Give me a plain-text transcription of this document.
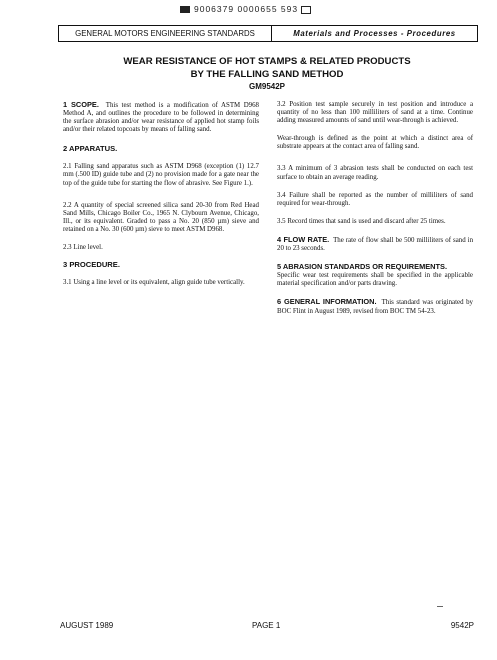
9006379 0000655 593
GENERAL MOTORS ENGINEERING STANDARDS	Materials and Processes - Procedures
WEAR RESISTANCE OF HOT STAMPS & RELATED PRODUCTS
BY THE FALLING SAND METHOD
GM9542P

1 SCOPE. This test method is a modification of ASTM D968 Method A, and outlines the procedure to be followed in determining the surface abrasion and/or wear resistance of applied hot stamp foils and/or their related topcoats by means of falling sand.

2 APPARATUS.

2.1 Falling sand apparatus such as ASTM D968 (exception (1) 12.7 mm (.500 ID) guide tube and (2) no provision made for a gate near the top of the guide tube for starting the flow of abrasive. See Figure 1.).

2.2 A quantity of special screened silica sand 20-30 from Red Head Sand Mills, Chicago Boiler Co., 1965 N. Clybourn Avenue, Chicago, Ill., or its equivalent. Graded to pass a No. 20 (850 µm) sieve and retained on a No. 30 (600 µm) sieve to meet ASTM D968.

2.3 Line level.

3 PROCEDURE.

3.1 Using a line level or its equivalent, align guide tube vertically.

3.2 Position test sample securely in test position and introduce a quantity of no less than 100 milliliters of sand at a time. Continue adding measured amounts of sand until wear-through is achieved.

Wear-through is defined as the point at which a distinct area of substrate appears at the contact area of falling sand.

3.3 A minimum of 3 abrasion tests shall be conducted on each test surface to obtain an average reading.

3.4 Failure shall be reported as the number of milliliters of sand required for wear-through.

3.5 Record times that sand is used and discard after 25 times.

4 FLOW RATE. The rate of flow shall be 500 milliliters of sand in 20 to 23 seconds.

5 ABRASION STANDARDS OR REQUIREMENTS.
Specific wear test requirements shall be specified in the applicable material specification and/or parts drawing.

6 GENERAL INFORMATION. This standard was originated by BOC Flint in August 1989, revised from BOC TM 54-23.

AUGUST 1989	PAGE 1	9542P
